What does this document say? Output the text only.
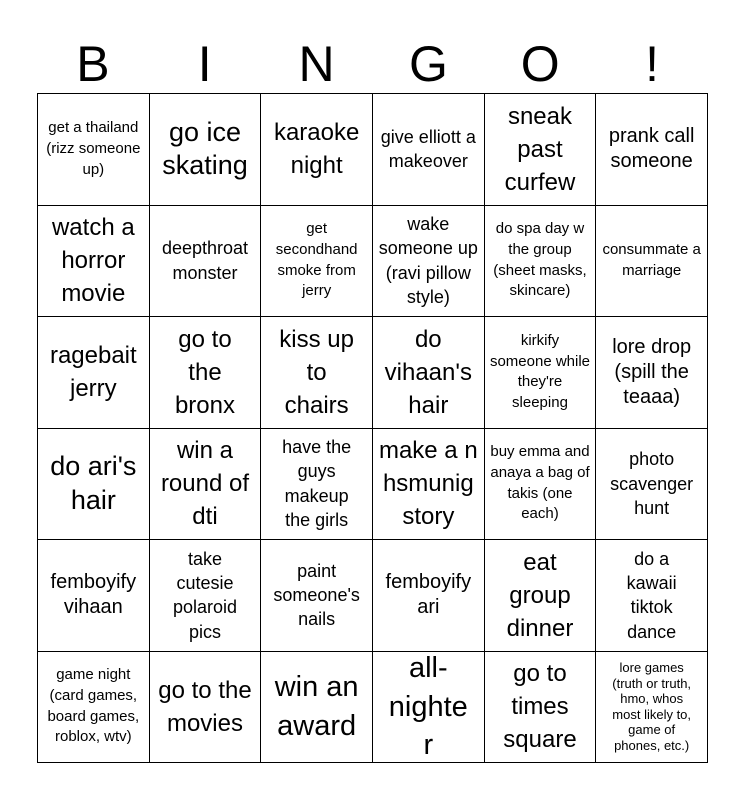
B	I	N	G	O	!
get a thailand (rizz someone up)
go ice skating
karaoke night
give elliott a makeover
sneak past curfew
prank call someone
watch a horror movie
deepthroat monster
get secondhand smoke from jerry
wake someone up (ravi pillow style)
do spa day w the group (sheet masks, skincare)
consummate a marriage
ragebait jerry
go to the bronx
kiss up to chairs
do vihaan's hair
kirkify someone while they're sleeping
lore drop (spill the teaaa)
do ari's hair
win a round of dti
have the guys makeup the girls
make a nhsmunig story
buy emma and anaya a bag of takis (one each)
photo scavenger hunt
femboyify vihaan
take cutesie polaroid pics
paint someone's nails
femboyify ari
eat group dinner
do a kawaii tiktok dance
game night (card games, board games, roblox, wtv)
go to the movies
win an award
all-nighter
go to times square
lore games (truth or truth, hmo, whos most likely to, game of phones, etc.)
